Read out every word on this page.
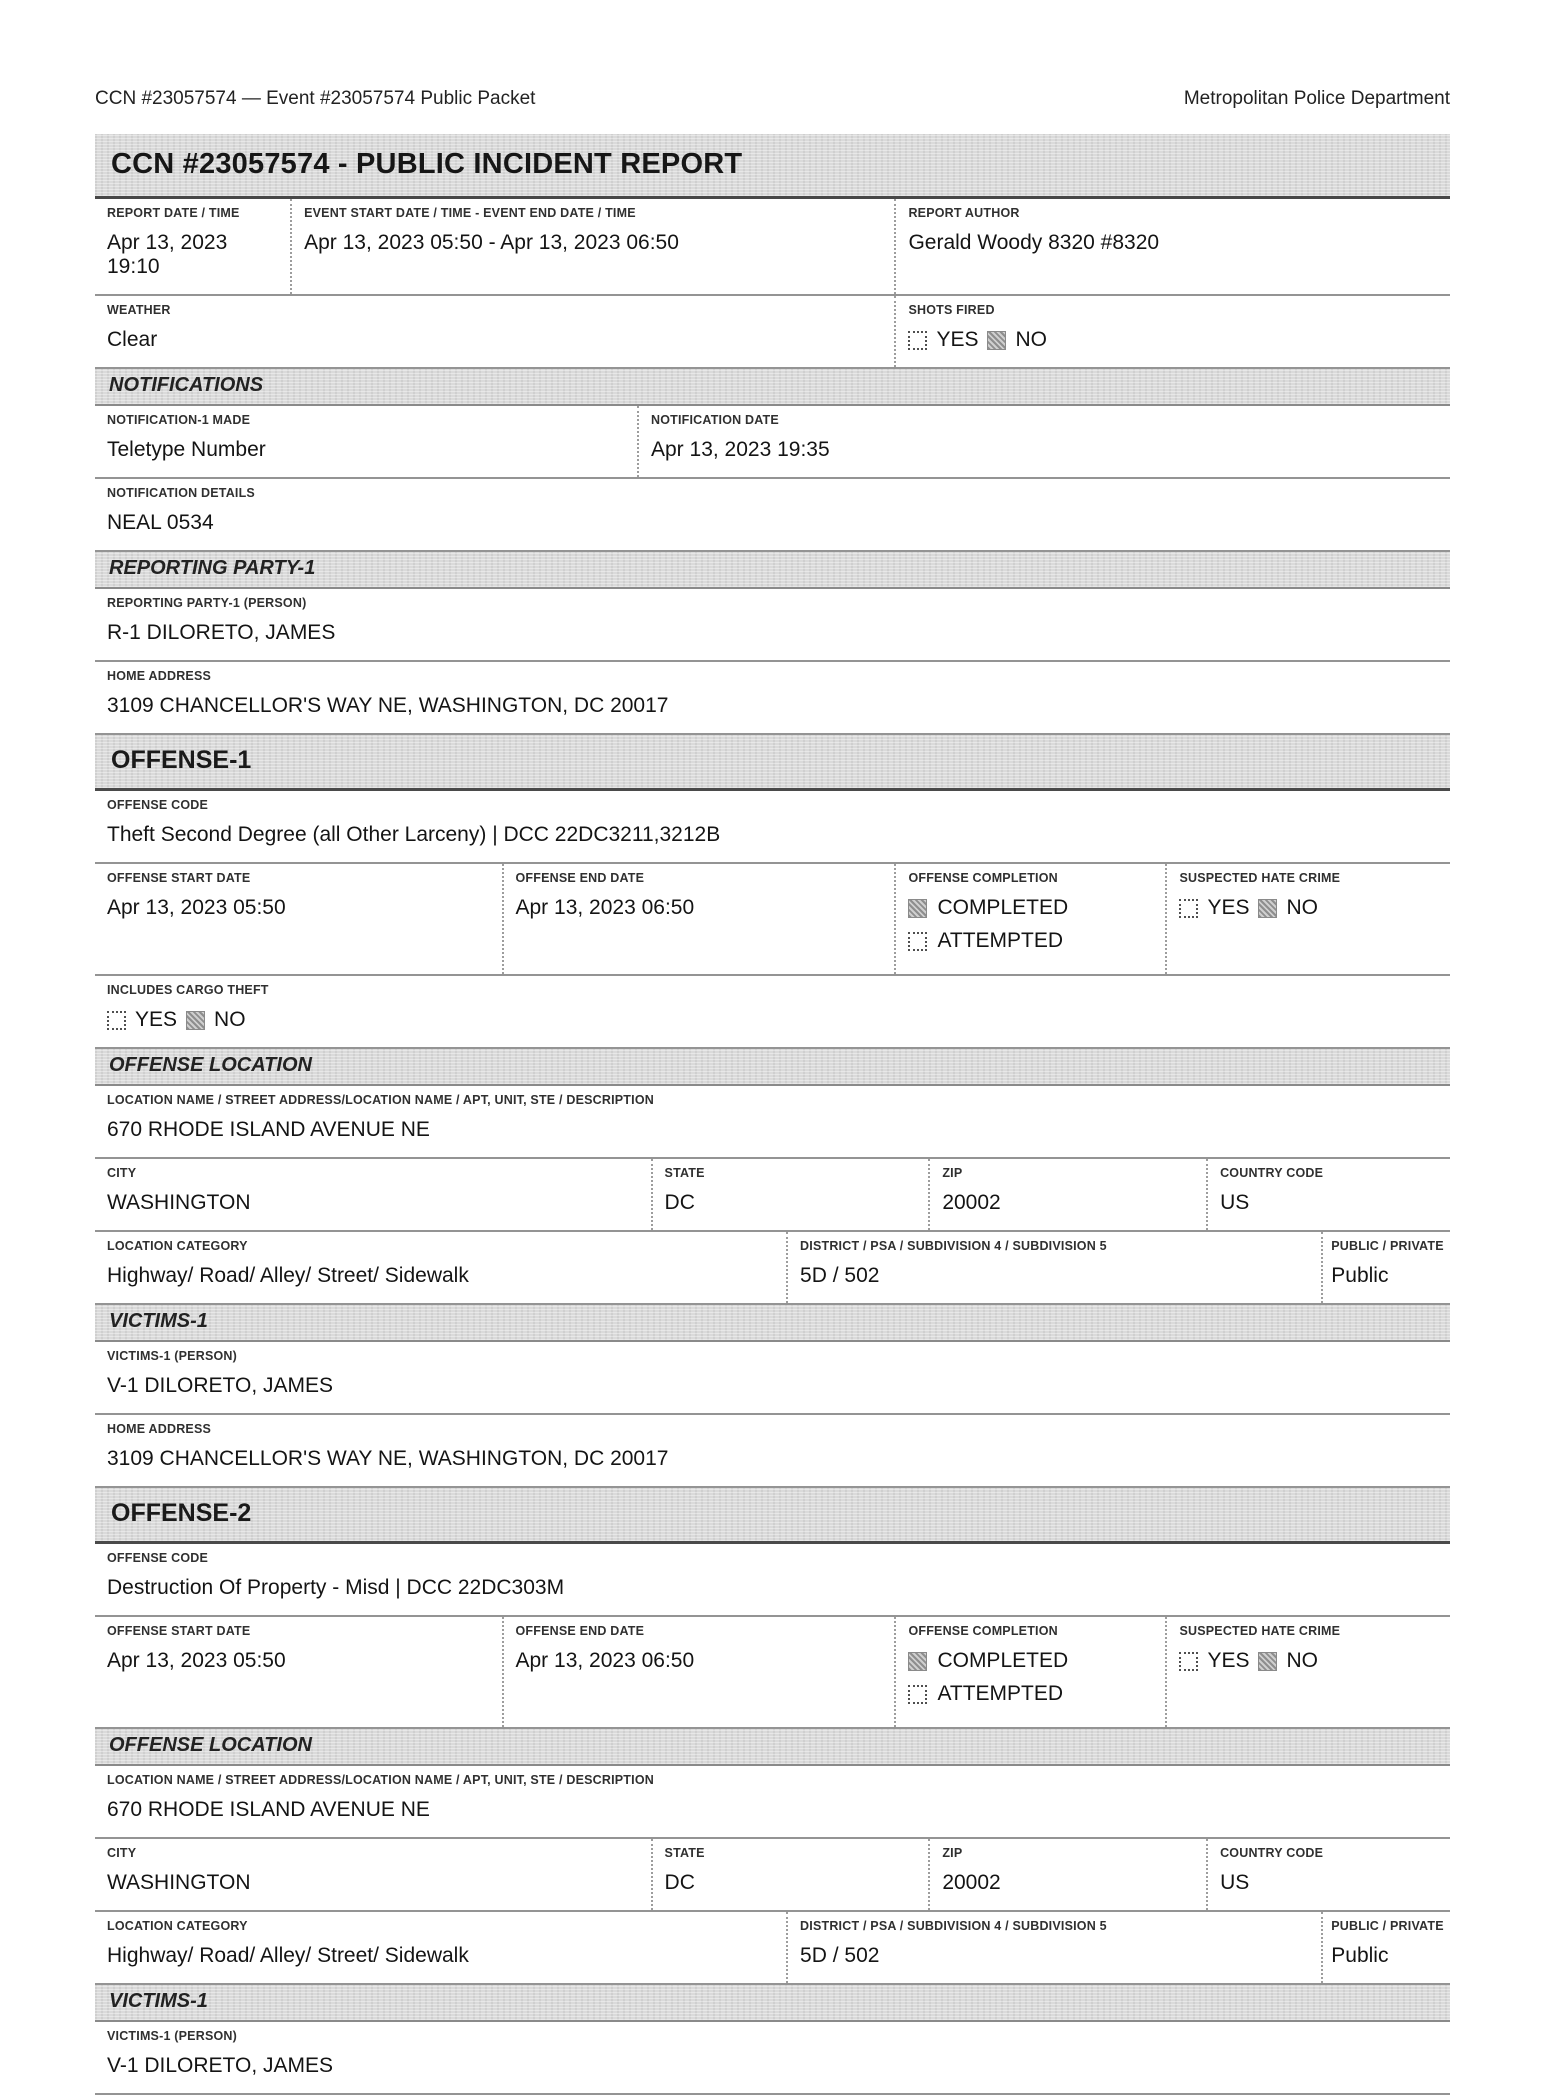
CCN #23057574 — Event #23057574 Public Packet	Metropolitan Police Department
CCN #23057574 - PUBLIC INCIDENT REPORT
REPORT DATE / TIME
Apr 13, 2023 19:10
EVENT START DATE / TIME - EVENT END DATE / TIME
Apr 13, 2023 05:50 - Apr 13, 2023 06:50
REPORT AUTHOR
Gerald Woody 8320 #8320
WEATHER
Clear
SHOTS FIRED
YES NO
NOTIFICATIONS
NOTIFICATION-1 MADE
Teletype Number
NOTIFICATION DATE
Apr 13, 2023 19:35
NOTIFICATION DETAILS
NEAL 0534
REPORTING PARTY-1
REPORTING PARTY-1 (PERSON)
R-1 DILORETO, JAMES
HOME ADDRESS
3109 CHANCELLOR'S WAY NE, WASHINGTON, DC 20017
OFFENSE-1
OFFENSE CODE
Theft Second Degree (all Other Larceny) | DCC 22DC3211,3212B
OFFENSE START DATE
Apr 13, 2023 05:50
OFFENSE END DATE
Apr 13, 2023 06:50
OFFENSE COMPLETION
COMPLETED
ATTEMPTED
SUSPECTED HATE CRIME
YES NO
INCLUDES CARGO THEFT
YES NO
OFFENSE LOCATION
LOCATION NAME / STREET ADDRESS/LOCATION NAME / APT, UNIT, STE / DESCRIPTION
670 RHODE ISLAND AVENUE NE
CITY
WASHINGTON
STATE
DC
ZIP
20002
COUNTRY CODE
US
LOCATION CATEGORY
Highway/ Road/ Alley/ Street/ Sidewalk
DISTRICT / PSA / SUBDIVISION 4 / SUBDIVISION 5
5D / 502
PUBLIC / PRIVATE
Public
VICTIMS-1
VICTIMS-1 (PERSON)
V-1 DILORETO, JAMES
HOME ADDRESS
3109 CHANCELLOR'S WAY NE, WASHINGTON, DC 20017
OFFENSE-2
OFFENSE CODE
Destruction Of Property - Misd | DCC 22DC303M
OFFENSE START DATE
Apr 13, 2023 05:50
OFFENSE END DATE
Apr 13, 2023 06:50
OFFENSE COMPLETION
COMPLETED
ATTEMPTED
SUSPECTED HATE CRIME
YES NO
OFFENSE LOCATION
LOCATION NAME / STREET ADDRESS/LOCATION NAME / APT, UNIT, STE / DESCRIPTION
670 RHODE ISLAND AVENUE NE
CITY
WASHINGTON
STATE
DC
ZIP
20002
COUNTRY CODE
US
LOCATION CATEGORY
Highway/ Road/ Alley/ Street/ Sidewalk
DISTRICT / PSA / SUBDIVISION 4 / SUBDIVISION 5
5D / 502
PUBLIC / PRIVATE
Public
VICTIMS-1
VICTIMS-1 (PERSON)
V-1 DILORETO, JAMES
